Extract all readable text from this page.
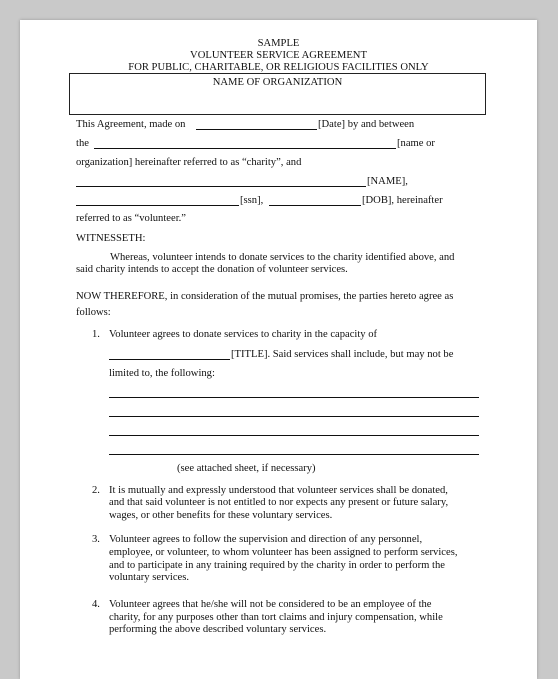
SAMPLE
VOLUNTEER SERVICE AGREEMENT
FOR PUBLIC, CHARITABLE, OR RELIGIOUS FACILITIES ONLY
NAME OF ORGANIZATION
This Agreement, made on	[Date] by and between
the	[name or
organization] hereinafter referred to as “charity”, and
[NAME],
[ssn],	[DOB], hereinafter
referred to as “volunteer.”
WITNESSETH:
Whereas, volunteer intends to donate services to the charity identified above, and
said charity intends to accept the donation of volunteer services.
NOW THEREFORE, in consideration of the mutual promises, the parties hereto agree as
follows:
1. Volunteer agrees to donate services to charity in the capacity of
[TITLE]. Said services shall include, but may not be
limited to, the following:
(see attached sheet, if necessary)
2. It is mutually and expressly understood that volunteer services shall be donated,
and that said volunteer is not entitled to nor expects any present or future salary,
wages, or other benefits for these voluntary services.
3. Volunteer agrees to follow the supervision and direction of any personnel,
employee, or volunteer, to whom volunteer has been assigned to perform services,
and to participate in any training required by the charity in order to perform the
voluntary services.
4. Volunteer agrees that he/she will not be considered to be an employee of the
charity, for any purposes other than tort claims and injury compensation, while
performing the above described voluntary services.
